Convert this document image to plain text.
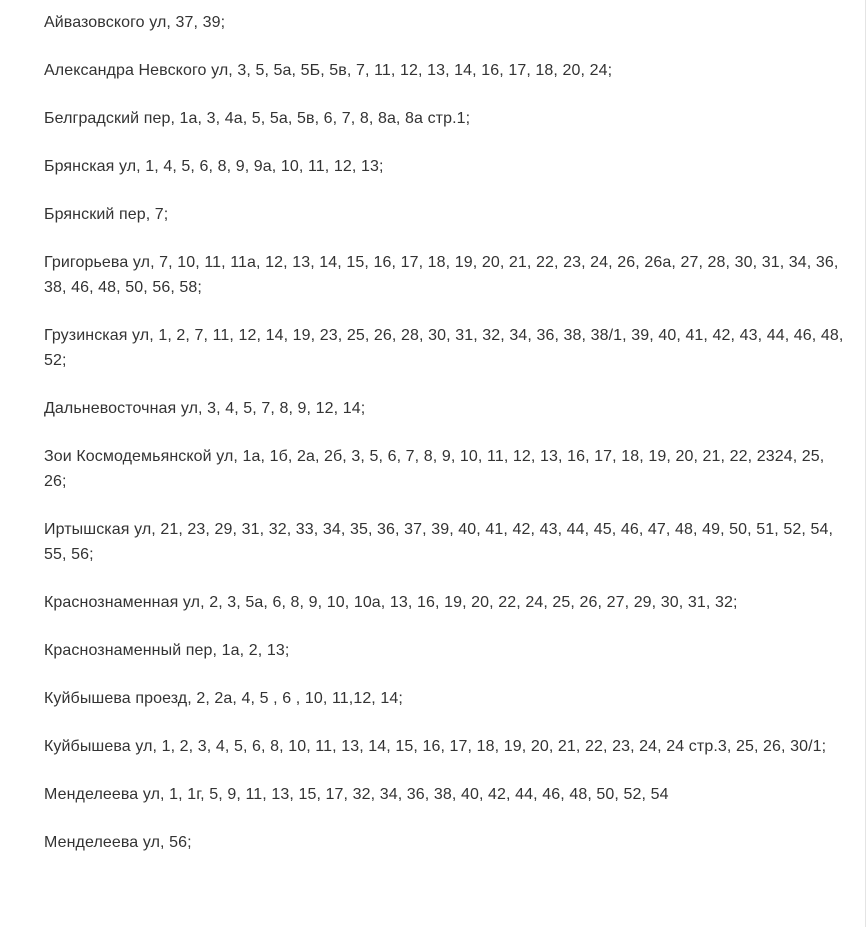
Айвазовского ул, 37, 39;

Александра Невского ул, 3, 5, 5а, 5Б, 5в, 7, 11, 12, 13, 14, 16, 17, 18, 20, 24;

Белградский пер, 1а, 3, 4а, 5, 5а, 5в, 6, 7, 8, 8а, 8а стр.1;

Брянская ул, 1, 4, 5, 6, 8, 9, 9а, 10, 11, 12, 13;

Брянский пер, 7;

Григорьева ул, 7, 10, 11, 11а, 12, 13, 14, 15, 16, 17, 18, 19, 20, 21, 22, 23, 24, 26, 26а, 27, 28, 30, 31, 34, 36, 38, 46, 48, 50, 56, 58;

Грузинская ул, 1, 2, 7, 11, 12, 14, 19, 23, 25, 26, 28, 30, 31, 32, 34, 36, 38, 38/1, 39, 40, 41, 42, 43, 44, 46, 48, 52;

Дальневосточная ул, 3, 4, 5, 7, 8, 9, 12, 14;

Зои Космодемьянской ул, 1а, 1б, 2а, 2б, 3, 5, 6, 7, 8, 9, 10, 11, 12, 13, 16, 17, 18, 19, 20, 21, 22, 2324, 25, 26;

Иртышская ул, 21, 23, 29, 31, 32, 33, 34, 35, 36, 37, 39, 40, 41, 42, 43, 44, 45, 46, 47, 48, 49, 50, 51, 52, 54, 55, 56;

Краснознаменная ул, 2, 3, 5а, 6, 8, 9, 10, 10а, 13, 16, 19, 20, 22, 24, 25, 26, 27, 29, 30, 31, 32;

Краснознаменный пер, 1а, 2, 13;

Куйбышева проезд, 2, 2а, 4, 5 , 6 , 10, 11,12, 14;

Куйбышева ул, 1, 2, 3, 4, 5, 6, 8, 10, 11, 13, 14, 15, 16, 17, 18, 19, 20, 21, 22, 23, 24, 24 стр.3, 25, 26, 30/1;

Менделеева ул, 1, 1г, 5, 9, 11, 13, 15, 17, 32, 34, 36, 38, 40, 42, 44, 46, 48, 50, 52, 54

Менделеева ул, 56;
